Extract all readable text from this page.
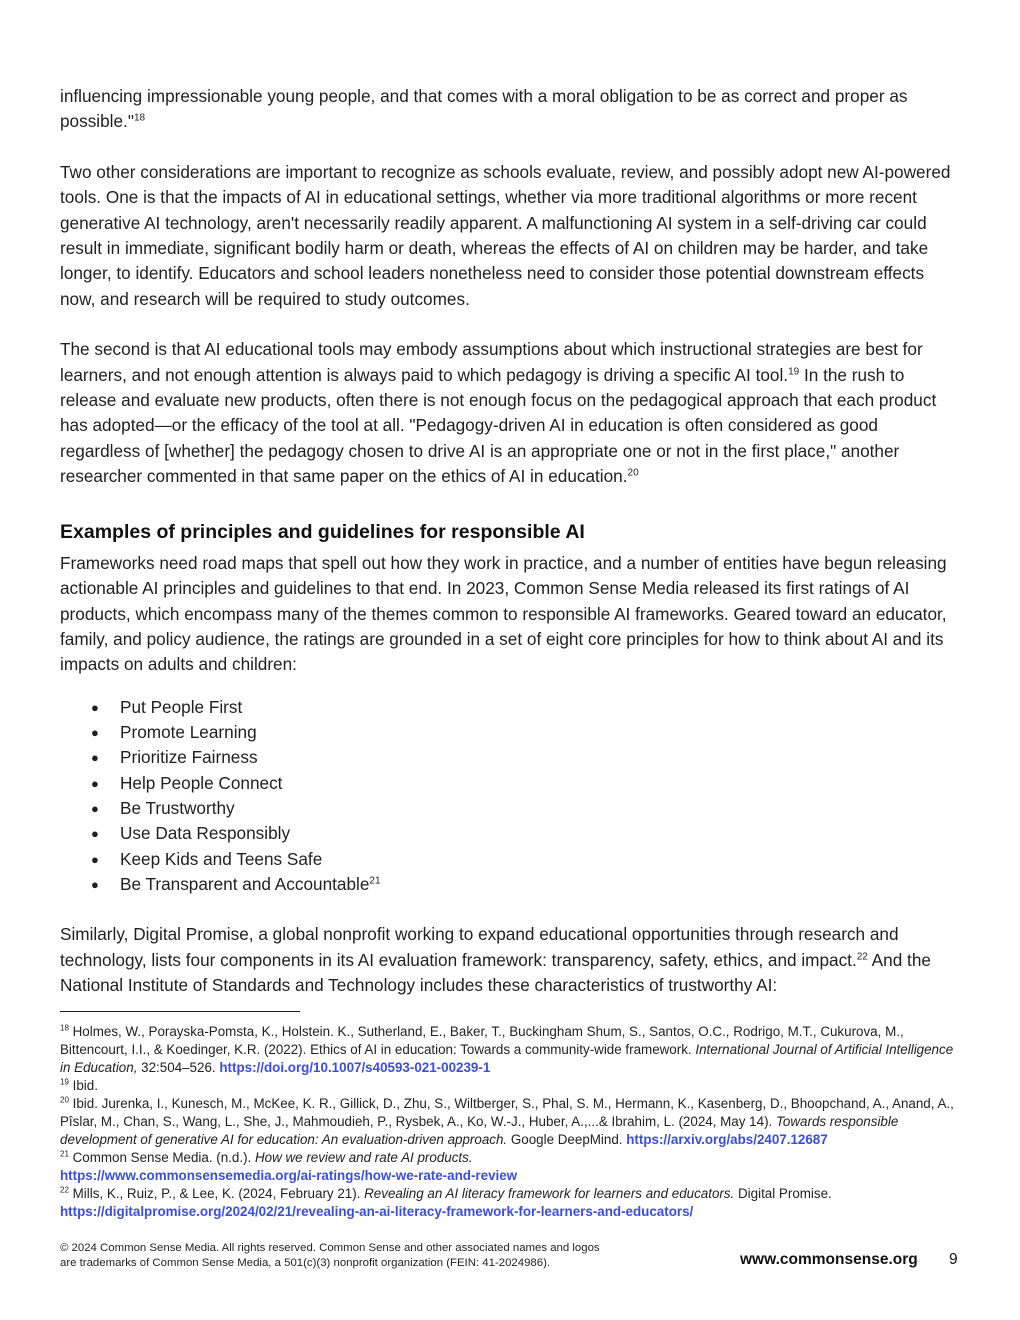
influencing impressionable young people, and that comes with a moral obligation to be as correct and proper as possible."$^{18}$

Two other considerations are important to recognize as schools evaluate, review, and possibly adopt new AI-powered tools. One is that the impacts of AI in educational settings, whether via more traditional algorithms or more recent generative AI technology, aren't necessarily readily apparent. A malfunctioning AI system in a self-driving car could result in immediate, significant bodily harm or death, whereas the effects of AI on children may be harder, and take longer, to identify. Educators and school leaders nonetheless need to consider those potential downstream effects now, and research will be required to study outcomes.

The second is that AI educational tools may embody assumptions about which instructional strategies are best for learners, and not enough attention is always paid to which pedagogy is driving a specific AI tool.$^{19}$ In the rush to release and evaluate new products, often there is not enough focus on the pedagogical approach that each product has adopted—or the efficacy of the tool at all. "Pedagogy-driven AI in education is often considered as good regardless of [whether] the pedagogy chosen to drive AI is an appropriate one or not in the first place," another researcher commented in that same paper on the ethics of AI in education.$^{20}$

Examples of principles and guidelines for responsible AI

Frameworks need road maps that spell out how they work in practice, and a number of entities have begun releasing actionable AI principles and guidelines to that end. In 2023, Common Sense Media released its first ratings of AI products, which encompass many of the themes common to responsible AI frameworks. Geared toward an educator, family, and policy audience, the ratings are grounded in a set of eight core principles for how to think about AI and its impacts on adults and children:

● Put People First
● Promote Learning
● Prioritize Fairness
● Help People Connect
● Be Trustworthy
● Use Data Responsibly
● Keep Kids and Teens Safe
● Be Transparent and Accountable$^{21}$

Similarly, Digital Promise, a global nonprofit working to expand educational opportunities through research and technology, lists four components in its AI evaluation framework: transparency, safety, ethics, and impact.$^{22}$ And the National Institute of Standards and Technology includes these characteristics of trustworthy AI:

$^{18}$ Holmes, W., Porayska-Pomsta, K., Holstein. K., Sutherland, E., Baker, T., Buckingham Shum, S., Santos, O.C., Rodrigo, M.T., Cukurova, M., Bittencourt, I.I., & Koedinger, K.R. (2022). Ethics of AI in education: Towards a community-wide framework. International Journal of Artificial Intelligence in Education, 32:504–526. https://doi.org/10.1007/s40593-021-00239-1
$^{19}$ Ibid.
$^{20}$ Ibid. Jurenka, I., Kunesch, M., McKee, K. R., Gillick, D., Zhu, S., Wiltberger, S., Phal, S. M., Hermann, K., Kasenberg, D., Bhoopchand, A., Anand, A., Pîslar, M., Chan, S., Wang, L., She, J., Mahmoudieh, P., Rysbek, A., Ko, W.-J., Huber, A.,...& Ibrahim, L. (2024, May 14). Towards responsible development of generative AI for education: An evaluation-driven approach. Google DeepMind. https://arxiv.org/abs/2407.12687
$^{21}$ Common Sense Media. (n.d.). How we review and rate AI products.
https://www.commonsensemedia.org/ai-ratings/how-we-rate-and-review
$^{22}$ Mills, K., Ruiz, P., & Lee, K. (2024, February 21). Revealing an AI literacy framework for learners and educators. Digital Promise.
https://digitalpromise.org/2024/02/21/revealing-an-ai-literacy-framework-for-learners-and-educators/
© 2024 Common Sense Media. All rights reserved. Common Sense and other associated names and logos
are trademarks of Common Sense Media, a 501(c)(3) nonprofit organization (FEIN: 41-2024986).	www.commonsense.org 9
